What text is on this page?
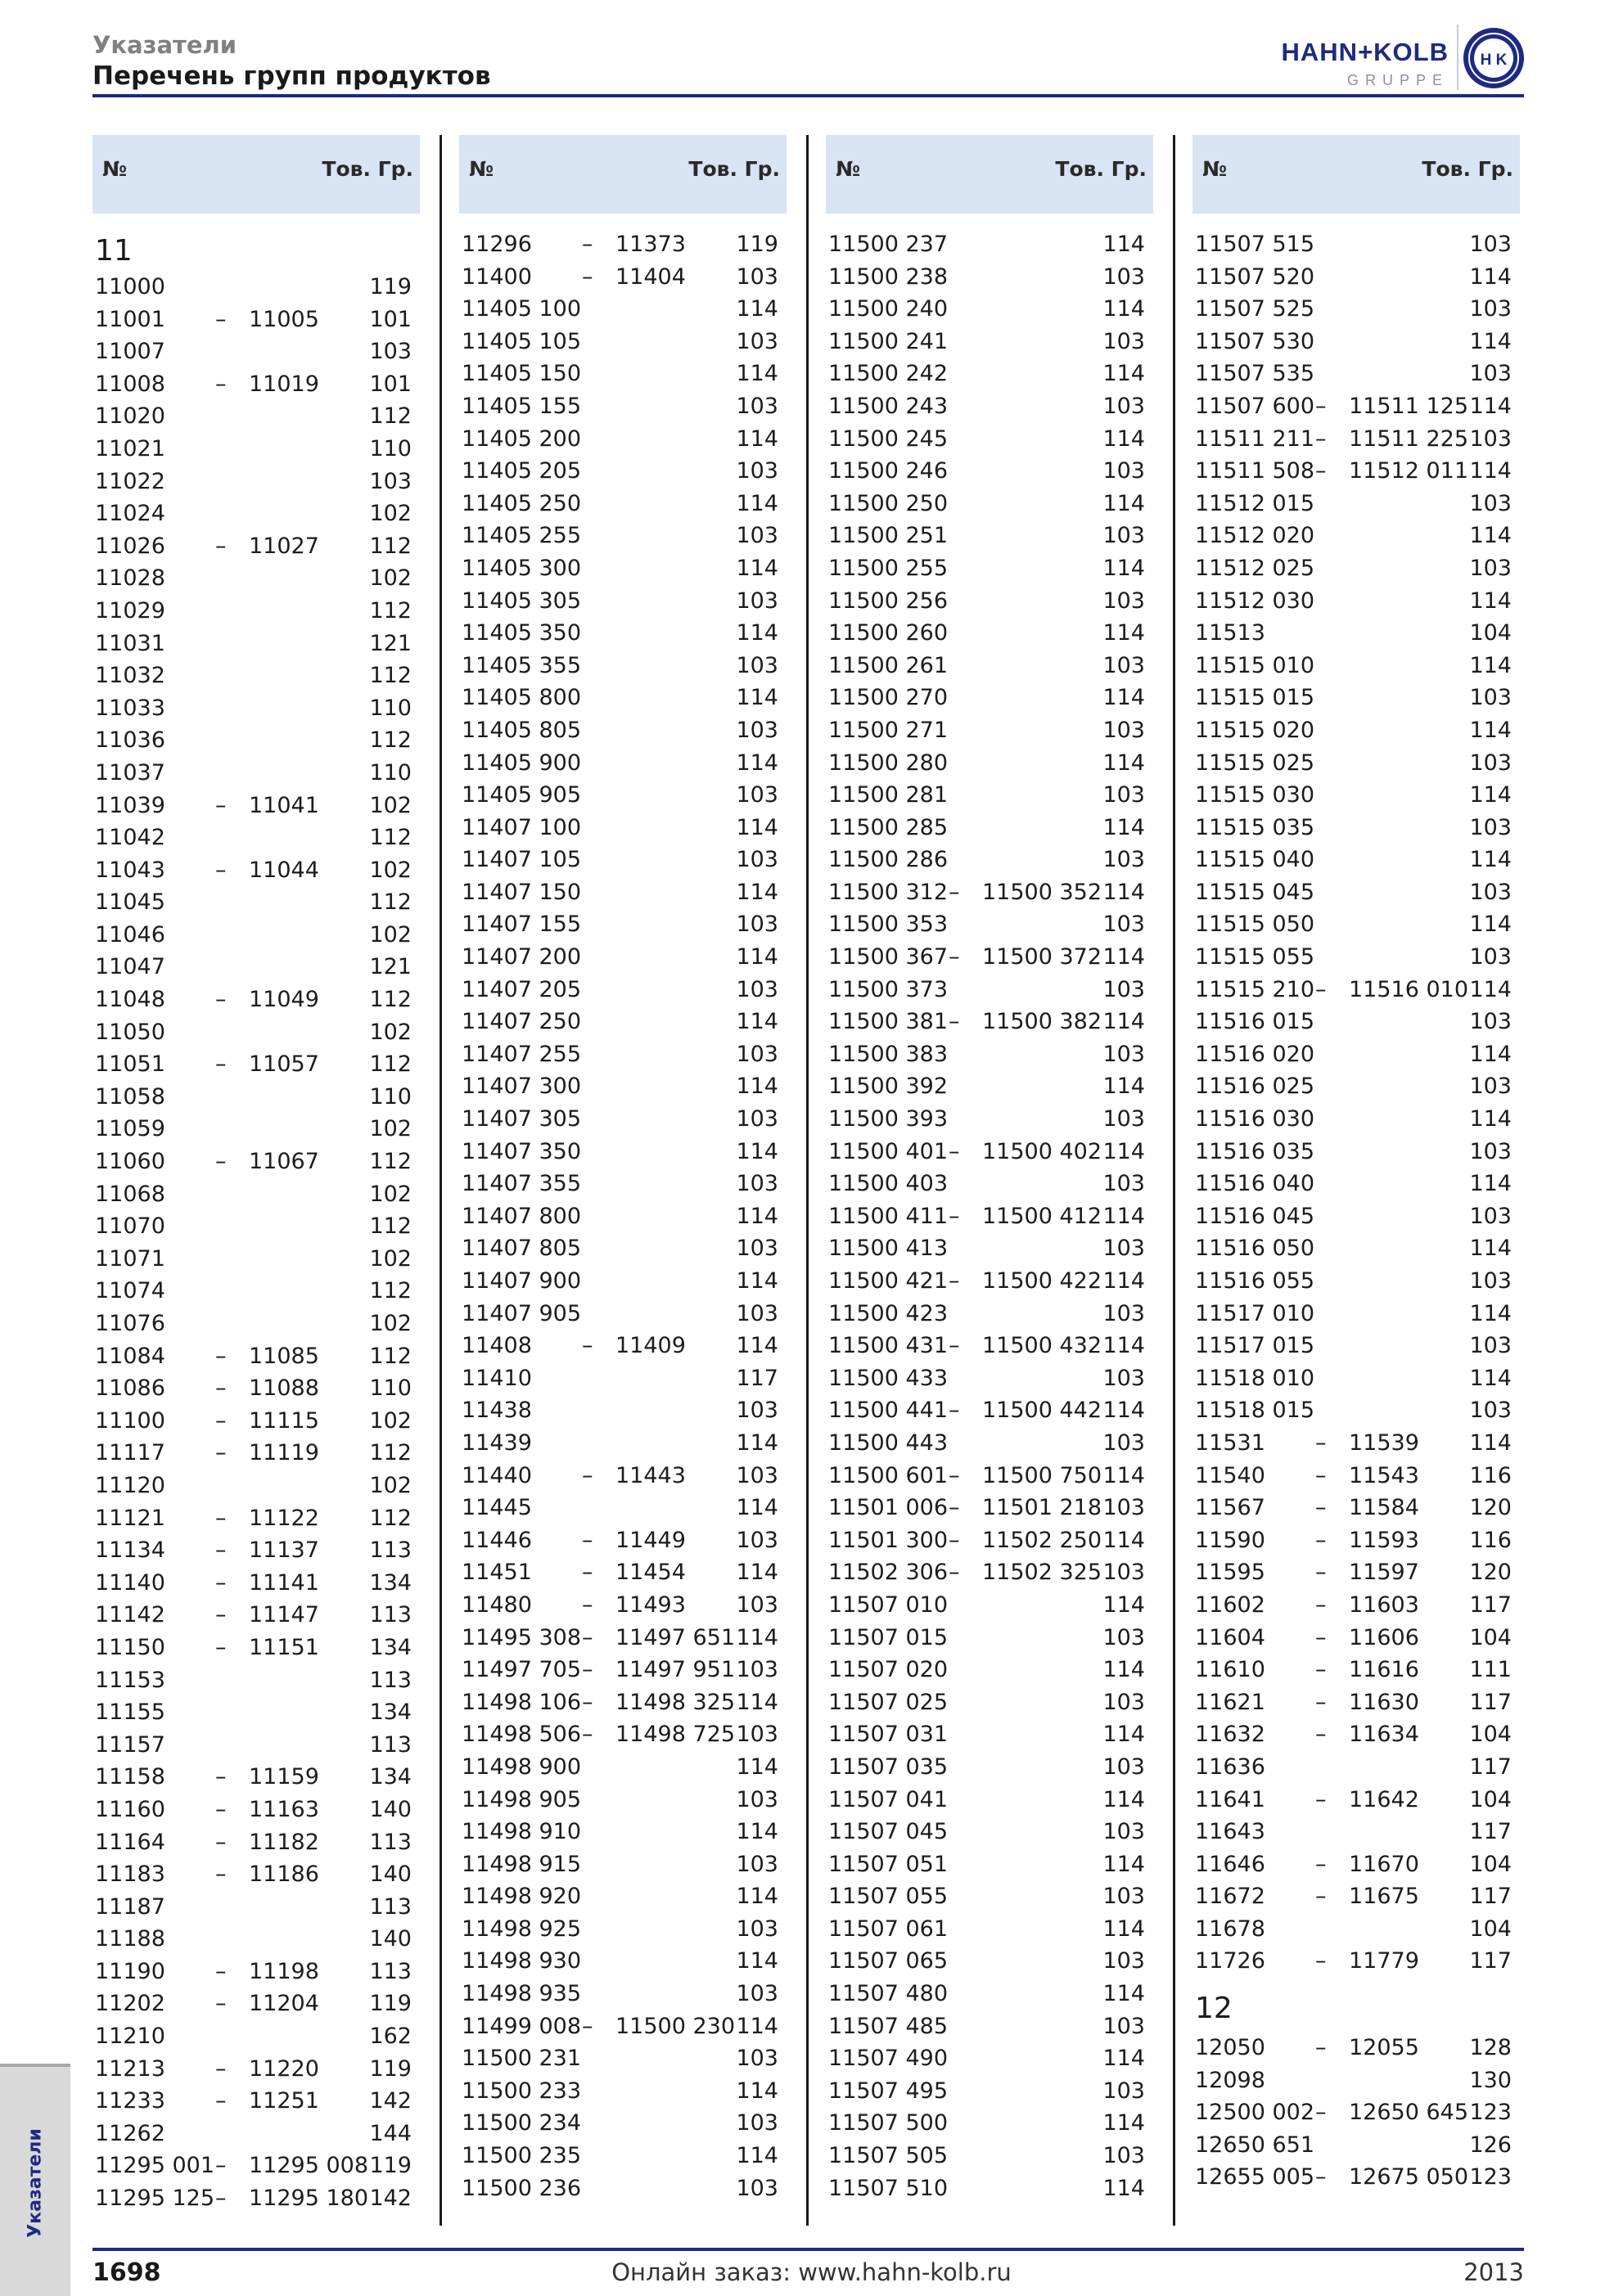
Указатели
Перечень групп продуктов
HAHN+KOLB
GRUPPE
H K
№	Тов. Гр.
11
11000	119
11001 – 11005 101
11007	103
11008 – 11019 101
11020	112
11021	110
11022	103
11024	102
11026 – 11027 112
11028	102
11029	112
11031	121
11032	112
11033	110
11036	112
11037	110
11039 – 11041 102
11042	112
11043 – 11044 102
11045	112
11046	102
11047	121
11048 – 11049 112
11050	102
11051 – 11057 112
11058	110
11059	102
11060 – 11067 112
11068	102
11070	112
11071	102
11074	112
11076	102
11084 – 11085 112
11086 – 11088 110
11100 – 11115 102
11117 – 11119 112
11120	102
11121 – 11122 112
11134 – 11137 113
11140 – 11141 134
11142 – 11147 113
11150 – 11151 134
11153	113
11155	134
11157	113
11158 – 11159 134
11160 – 11163 140
11164 – 11182 113
11183 – 11186 140
11187	113
11188	140
11190 – 11198 113
11202 – 11204 119
11210	162
11213 – 11220 119
11233 – 11251 142
11262	144
11295 001 – 11295 008 119
11295 125 – 11295 180 142
№	Тов. Гр.
11296 – 11373 119
11400 – 11404 103
11405 100	114
11405 105	103
11405 150	114
11405 155	103
11405 200	114
11405 205	103
11405 250	114
11405 255	103
11405 300	114
11405 305	103
11405 350	114
11405 355	103
11405 800	114
11405 805	103
11405 900	114
11405 905	103
11407 100	114
11407 105	103
11407 150	114
11407 155	103
11407 200	114
11407 205	103
11407 250	114
11407 255	103
11407 300	114
11407 305	103
11407 350	114
11407 355	103
11407 800	114
11407 805	103
11407 900	114
11407 905	103
11408 – 11409 114
11410	117
11438	103
11439	114
11440 – 11443 103
11445	114
11446 – 11449 103
11451 – 11454 114
11480 – 11493 103
11495 308 – 11497 651 114
11497 705 – 11497 951 103
11498 106 – 11498 325 114
11498 506 – 11498 725 103
11498 900	114
11498 905	103
11498 910	114
11498 915	103
11498 920	114
11498 925	103
11498 930	114
11498 935	103
11499 008 – 11500 230 114
11500 231	103
11500 233	114
11500 234	103
11500 235	114
11500 236	103
№	Тов. Гр.
11500 237	114
11500 238	103
11500 240	114
11500 241	103
11500 242	114
11500 243	103
11500 245	114
11500 246	103
11500 250	114
11500 251	103
11500 255	114
11500 256	103
11500 260	114
11500 261	103
11500 270	114
11500 271	103
11500 280	114
11500 281	103
11500 285	114
11500 286	103
11500 312 – 11500 352 114
11500 353	103
11500 367 – 11500 372 114
11500 373	103
11500 381 – 11500 382 114
11500 383	103
11500 392	114
11500 393	103
11500 401 – 11500 402 114
11500 403	103
11500 411 – 11500 412 114
11500 413	103
11500 421 – 11500 422 114
11500 423	103
11500 431 – 11500 432 114
11500 433	103
11500 441 – 11500 442 114
11500 443	103
11500 601 – 11500 750 114
11501 006 – 11501 218 103
11501 300 – 11502 250 114
11502 306 – 11502 325 103
11507 010	114
11507 015	103
11507 020	114
11507 025	103
11507 031	114
11507 035	103
11507 041	114
11507 045	103
11507 051	114
11507 055	103
11507 061	114
11507 065	103
11507 480	114
11507 485	103
11507 490	114
11507 495	103
11507 500	114
11507 505	103
11507 510	114
№	Тов. Гр.
11507 515	103
11507 520	114
11507 525	103
11507 530	114
11507 535	103
11507 600 – 11511 125 114
11511 211 – 11511 225 103
11511 508 – 11512 011 114
11512 015	103
11512 020	114
11512 025	103
11512 030	114
11513	104
11515 010	114
11515 015	103
11515 020	114
11515 025	103
11515 030	114
11515 035	103
11515 040	114
11515 045	103
11515 050	114
11515 055	103
11515 210 – 11516 010 114
11516 015	103
11516 020	114
11516 025	103
11516 030	114
11516 035	103
11516 040	114
11516 045	103
11516 050	114
11516 055	103
11517 010	114
11517 015	103
11518 010	114
11518 015	103
11531 – 11539 114
11540 – 11543 116
11567 – 11584 120
11590 – 11593 116
11595 – 11597 120
11602 – 11603 117
11604 – 11606 104
11610 – 11616 111
11621 – 11630 117
11632 – 11634 104
11636	117
11641 – 11642 104
11643	117
11646 – 11670 104
11672 – 11675 117
11678	104
11726 – 11779 117
12
12050 – 12055 128
12098	130
12500 002 – 12650 645 123
12650 651	126
12655 005 – 12675 050 123
Указатели
1698	Онлайн заказ: www.hahn-kolb.ru	2013
